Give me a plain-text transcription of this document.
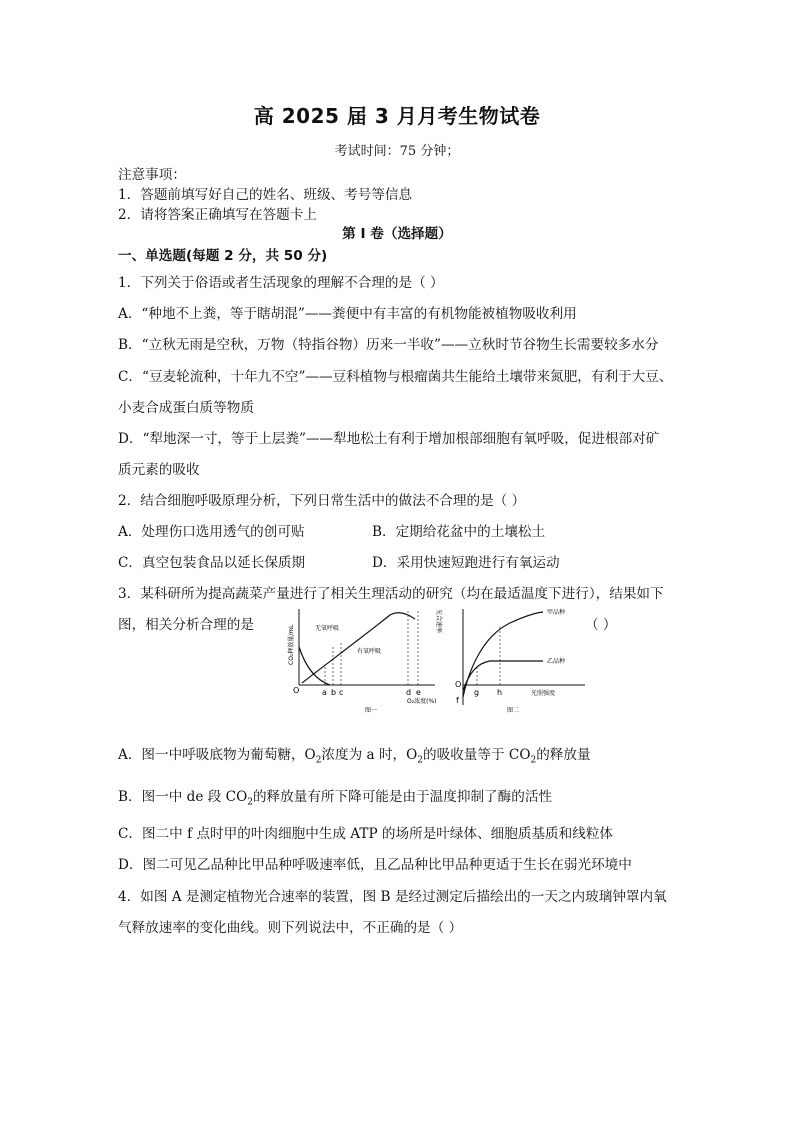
高 2025 届 3 月月考生物试卷
考试时间：75 分钟；
注意事项：
1．答题前填写好自己的姓名、班级、考号等信息
2．请将答案正确填写在答题卡上
第 I 卷（选择题）
一、单选题(每题 2 分，共 50 分)
1．下列关于俗语或者生活现象的理解不合理的是（ ）
A．“种地不上粪，等于瞎胡混”——粪便中有丰富的有机物能被植物吸收利用
B．“立秋无雨是空秋，万物（特指谷物）历来一半收”——立秋时节谷物生长需要较多水分
C．“豆麦轮流种，十年九不空”——豆科植物与根瘤菌共生能给土壤带来氮肥，有利于大豆、
小麦合成蛋白质等物质
D．“犁地深一寸，等于上层粪”——犁地松土有利于增加根部细胞有氧呼吸，促进根部对矿
质元素的吸收
2．结合细胞呼吸原理分析，下列日常生活中的做法不合理的是（ ）
A．处理伤口选用透气的创可贴	B．定期给花盆中的土壤松土
C．真空包装食品以延长保质期	D．采用快速短跑进行有氧运动
3．某科研所为提高蔬菜产量进行了相关生理活动的研究（均在最适温度下进行），结果如下
图，相关分析合理的是	（ ）
CO₂释放量/mL	无氧呼吸
有氧呼吸
O	a b c	d e
O₂浓度(%)
图一
光合速率	甲品种
乙品种
O
f
g h	光照强度
图二
A．图一中呼吸底物为葡萄糖，$O_2$浓度为 a 时，$O_2$的吸收量等于 $CO_2$的释放量
B．图一中 de 段 $CO_2$的释放量有所下降可能是由于温度抑制了酶的活性
C．图二中 f 点时甲的叶肉细胞中生成 ATP 的场所是叶绿体、细胞质基质和线粒体
D．图二可见乙品种比甲品种呼吸速率低，且乙品种比甲品种更适于生长在弱光环境中
4．如图 A 是测定植物光合速率的装置，图 B 是经过测定后描绘出的一天之内玻璃钟罩内氧
气释放速率的变化曲线。则下列说法中，不正确的是（ ）
